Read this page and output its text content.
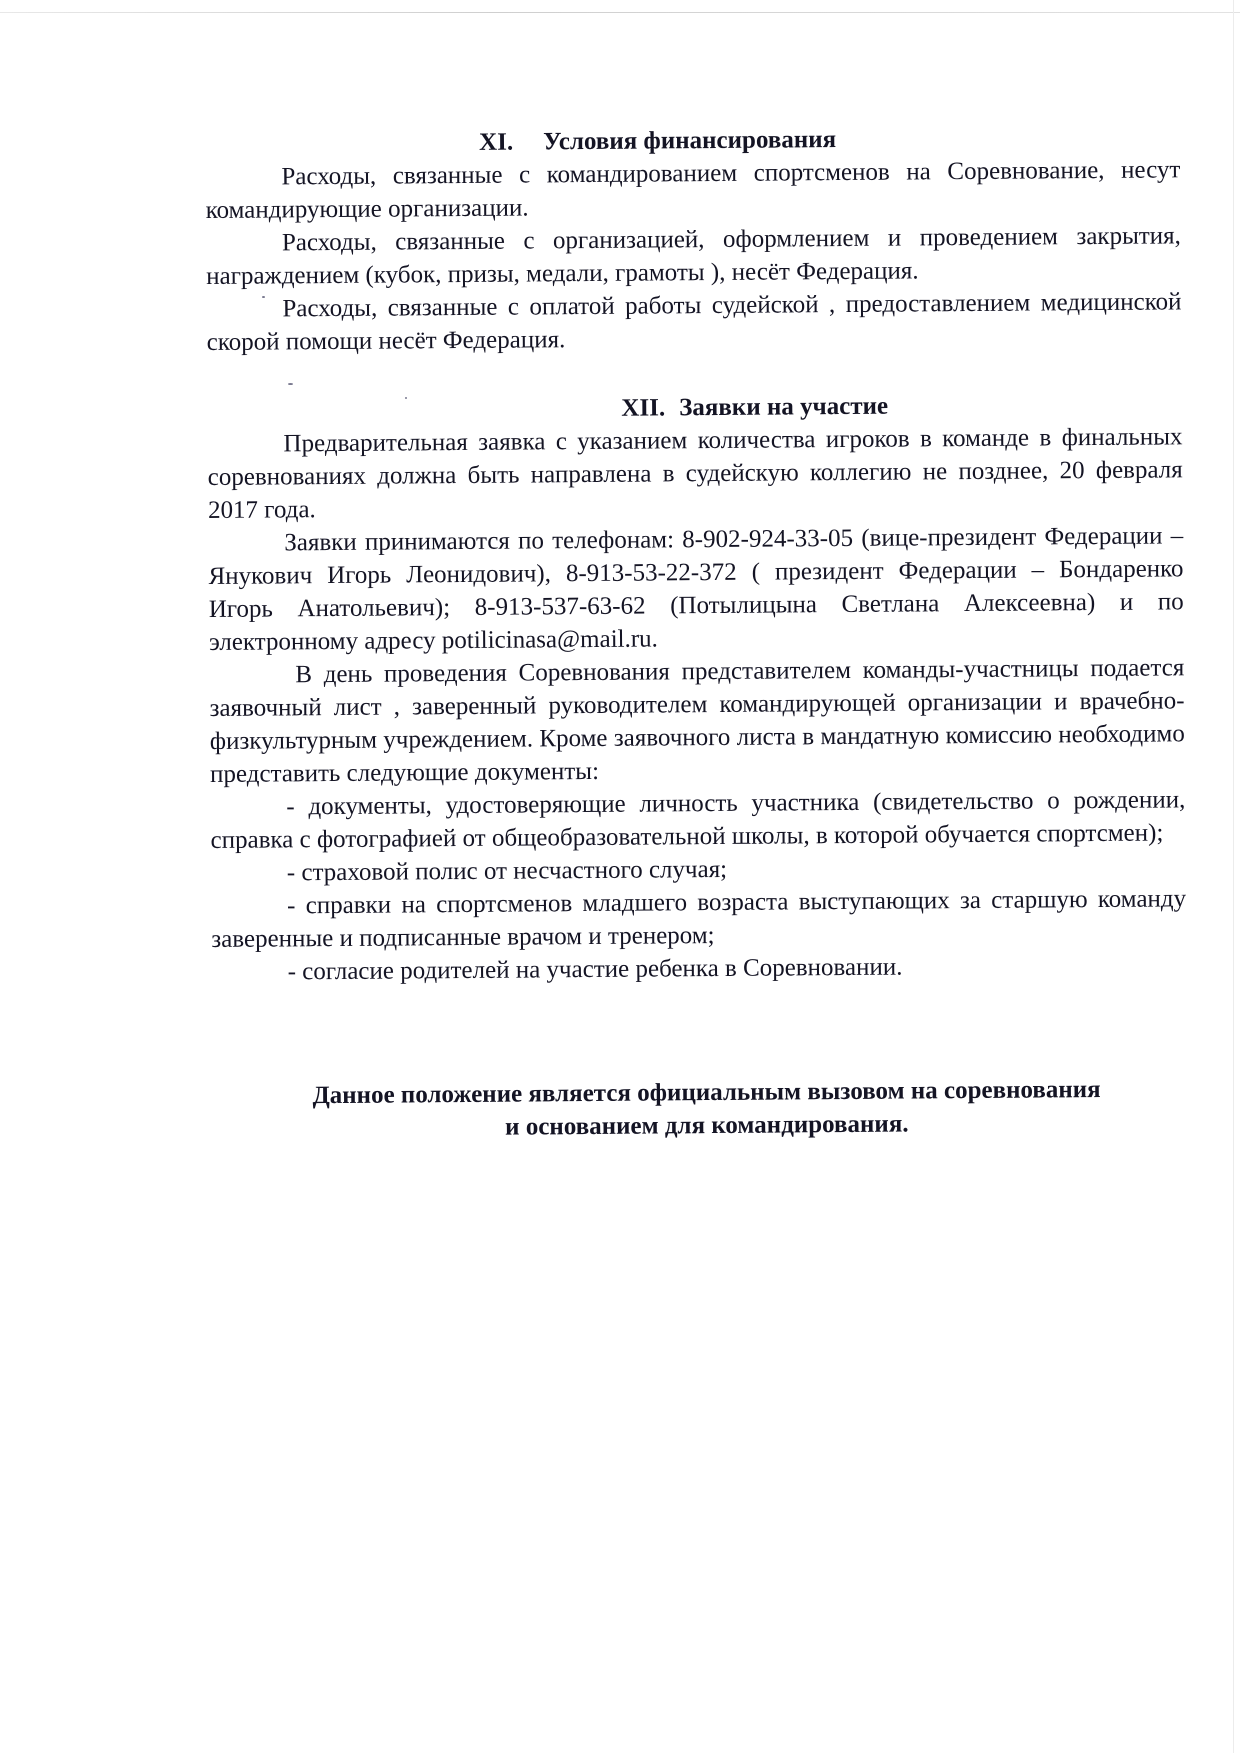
XI. Условия финансирования

Расходы, связанные с командированием спортсменов на Соревнование, несут командирующие организации.

Расходы, связанные с организацией, оформлением и проведением закрытия, награждением (кубок, призы, медали, грамоты ), несёт Федерация.

Расходы, связанные с оплатой работы судейской , предоставлением медицинской скорой помощи несёт Федерация.

XII. Заявки на участие

Предварительная заявка с указанием количества игроков в команде в финальных соревнованиях должна быть направлена в судейскую коллегию не позднее, 20 февраля 2017 года.

Заявки принимаются по телефонам: 8-902-924-33-05 (вице-президент Федерации – Янукович Игорь Леонидович), 8-913-53-22-372 ( президент Федерации – Бондаренко Игорь Анатольевич); 8-913-537-63-62 (Потылицына Светлана Алексеевна) и по электронному адресу potilicinasa@mail.ru.

В день проведения Соревнования представителем команды-участницы подается заявочный лист , заверенный руководителем командирующей организации и врачебно-физкультурным учреждением. Кроме заявочного листа в мандатную комиссию необходимо представить следующие документы:

- документы, удостоверяющие личность участника (свидетельство о рождении, справка с фотографией от общеобразовательной школы, в которой обучается спортсмен);

- страховой полис от несчастного случая;

- справки на спортсменов младшего возраста выступающих за старшую команду заверенные и подписанные врачом и тренером;

- согласие родителей на участие ребенка в Соревновании.

Данное положение является официальным вызовом на соревнования
и основанием для командирования.
